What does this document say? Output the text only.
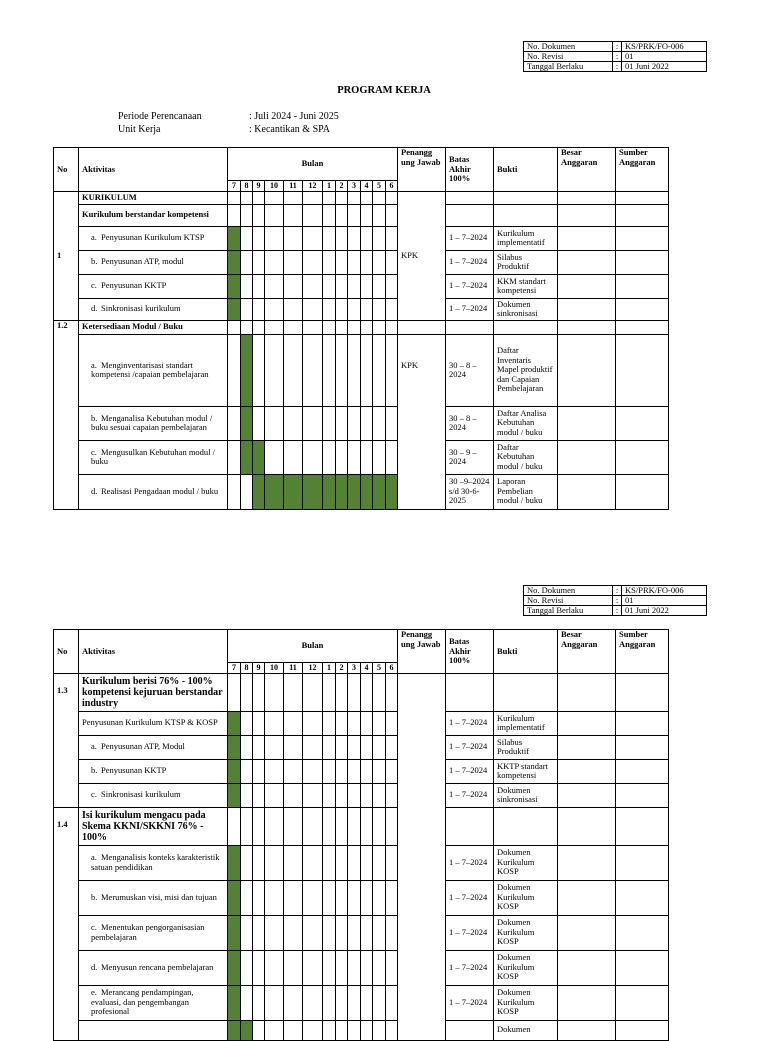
No. Dokumen	:	KS/PRK/FO-006
No. Revisi	:	01
Tanggal Berlaku	:	01 Juni 2022
PROGRAM KERJA
Periode Perencanaan	: Juli 2024 - Juni 2025
Unit Kerja	: Kecantikan & SPA
No	Aktivitas	Bulan												Penangg ung Jawab	Batas Akhir 100%	Bukti	Besar Anggaran	Sumber Anggaran
		7	8	9	10	11	12	1	2	3	4	5	6					
1	KURIKULUM													KPK				
	Kurikulum berstandar kompetensi																	
	a. Penyusunan Kurikulum KTSP														1 – 7–2024	Kurikulum implementatif		
	b. Penyusunan ATP, modul														1 – 7–2024	Silabus Produktif		
	c. Penyusunan KKTP														1 – 7–2024	KKM standart kompetensi		
	d. Sinkronisasi kurikulum														1 – 7–2024	Dokumen sinkronisasi		
1.2	Ketersediaan Modul / Buku																	
	a. Menginventarisasi standart kompetensi /capaian pembelajaran													KPK	30 – 8 – 2024	Daftar Inventaris Mapel produktif dan Capaian Pembelajaran		
	b. Menganalisa Kebutuhan modul / buku sesuai capaian pembelajaran														30 – 8 – 2024	Daftar Analisa Kebutuhan modul / buku		
	c. Mengusulkan Kebutuhan modul / buku														30 – 9 – 2024	Daftar Kebutuhan modul / buku		
	d. Realisasi Pengadaan modul / buku														30 –9–2024 s/d 30-6-2025	Laporan Pembelian modul / buku		
No. Dokumen	:	KS/PRK/FO-006
No. Revisi	:	01
Tanggal Berlaku	:	01 Juni 2022
No	Aktivitas	Bulan												Penangg ung Jawab	Batas Akhir 100%	Bukti	Besar Anggaran	Sumber Anggaran
		7	8	9	10	11	12	1	2	3	4	5	6					
1.3	Kurikulum berisi 76% - 100% kompetensi kejuruan berstandar industry																	
	Penyusunan Kurikulum KTSP & KOSP														1 – 7–2024	Kurikulum implementatif		
	a. Penyusunan ATP, Modul														1 – 7–2024	Silabus Produktif		
	b. Penyusunan KKTP														1 – 7–2024	KKTP standart kompetensi		
	c. Sinkronisasi kurikulum														1 – 7–2024	Dokumen sinkronisasi		
1.4	Isi kurikulum mengacu pada Skema KKNI/SKKNI 76% - 100%																	
	a. Menganalisis konteks karakteristik satuan pendidikan														1 – 7–2024	Dokumen Kurikulum KOSP		
	b. Merumuskan visi, misi dan tujuan														1 – 7–2024	Dokumen Kurikulum KOSP		
	c. Menentukan pengorganisasian pembelajaran														1 – 7–2024	Dokumen Kurikulum KOSP		
	d. Menyusun rencana pembelajaran														1 – 7–2024	Dokumen Kurikulum KOSP		
	e. Merancang pendampingan, evaluasi, dan pengembangan profesional														1 – 7–2024	Dokumen Kurikulum KOSP		
																Dokumen		
